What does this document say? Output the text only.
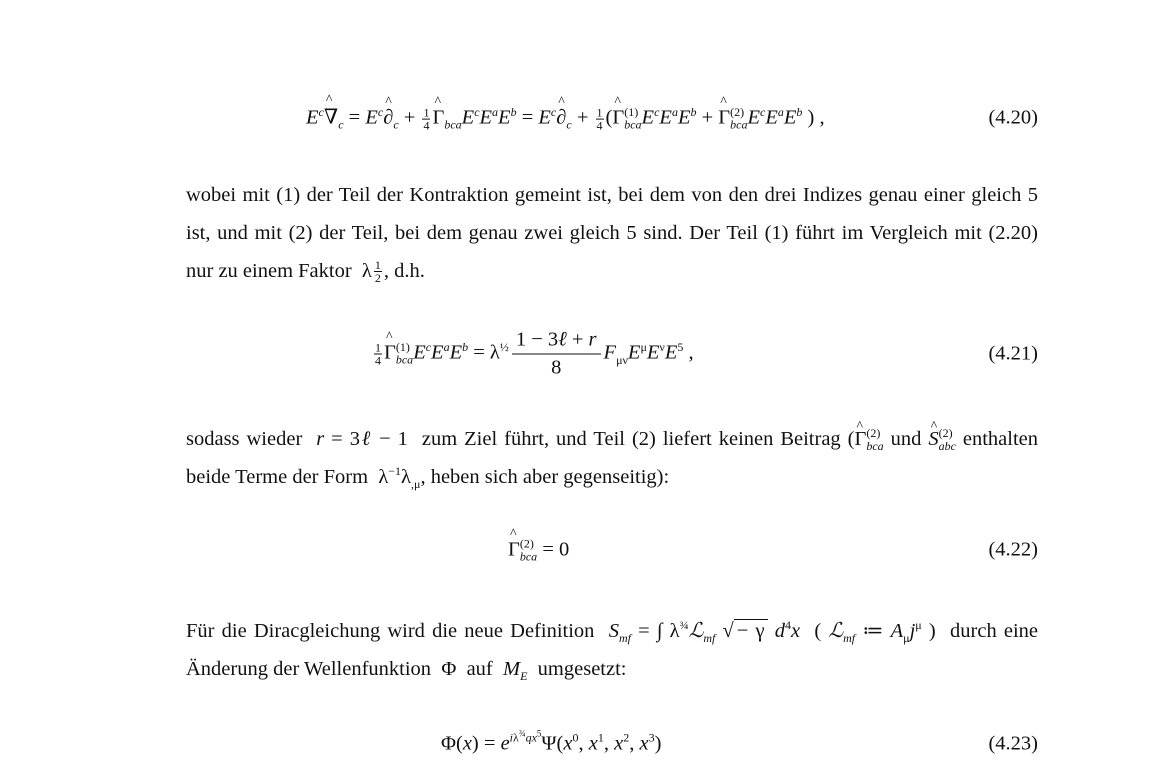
$E^c\^{}$ $\nabla_c$ = $E^c\^{}$ $\partial_c + \frac{1}{4}$ ^ $\Gamma_{bca}E^cE^aE^b$ = $E^c\^{}$ $\partial_c + \frac{1}{4}$ (^ $\Gamma^{(1)}_{bca}E^cE^aE^b$ + ^ $\Gamma^{(2)}_{bca}E^cE^aE^b$ ) ,	(4.20)
wobei mit (1) der Teil der Kontraktion gemeint ist, bei dem von den drei Indizes genau einer gleich 5 ist, und mit (2) der Teil, bei dem genau zwei gleich 5 sind. Der Teil (1) führt im Vergleich mit (2.20) nur zu einem Faktor  λ $^{\frac{1}{2}}$ , d.h.
$\frac{1}{4}$ ^ $\Gamma^{(1)}_{bca}E^cE^aE^b = \lambda^{\frac{1}{2}} \frac{\text{1 − 3ℓ + r}}{8} F_{\mu\nu}E^\mu E^\nu E^5$ ,	(4.21)
sodass wieder r = 3ℓ − 1  zum Ziel führt, und Teil (2) liefert keinen Beitrag (^ $\Gamma^{(2)}_{bca}$ und ^ $S^{(2)}_{abc}$ enthalten beide Terme der Form  $\lambda^{-1}\lambda_{,\mu}$, heben sich aber gegenseitig):
^ $\Gamma^{(2)}_{bca} = 0$	(4.22)
Für die Diracgleichung wird die neue Definition $S_{mf}$ = ∫ $\lambda^{\frac{3}{4}}ℒ_{mf}$ √ − γ $d^4x$  ( ℒ$_{mf}$ ≔ $A_\mu j^\mu$ )  durch eine Änderung der Wellenfunktion  Φ  auf $M_E$ umgesetzt:
$\Phi(x) = e^{i\lambda^{\frac{3}{4}}qx^5}\Psi(x^0$, $x^1$, $x^2$, $x^3$)	(4.23)
